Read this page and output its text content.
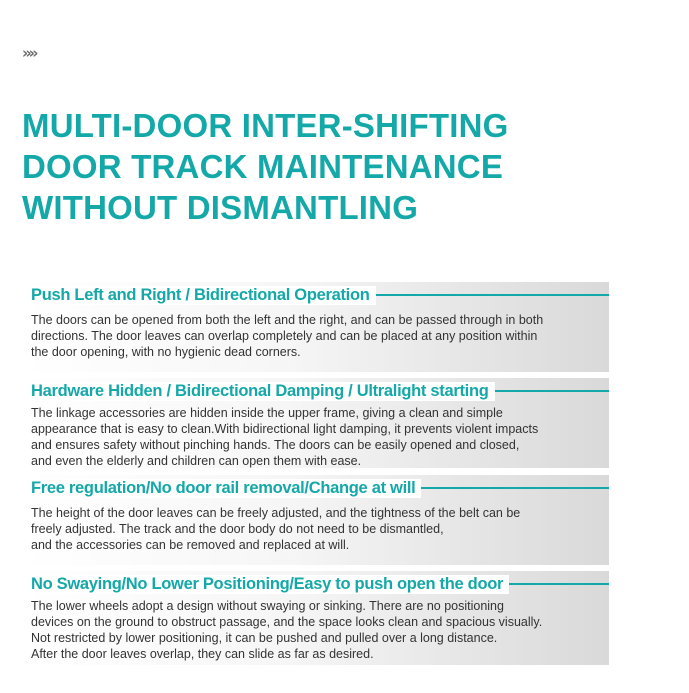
»»
MULTI-DOOR INTER-SHIFTING
DOOR TRACK MAINTENANCE
WITHOUT DISMANTLING
Push Left and Right / Bidirectional Operation
The doors can be opened from both the left and the right, and can be passed through in both
directions. The door leaves can overlap completely and can be placed at any position within
the door opening, with no hygienic dead corners.
Hardware Hidden / Bidirectional Damping / Ultralight starting
The linkage accessories are hidden inside the upper frame, giving a clean and simple
appearance that is easy to clean.With bidirectional light damping, it prevents violent impacts
and ensures safety without pinching hands. The doors can be easily opened and closed,
and even the elderly and children can open them with ease.
Free regulation/No door rail removal/Change at will
The height of the door leaves can be freely adjusted, and the tightness of the belt can be
freely adjusted. The track and the door body do not need to be dismantled,
and the accessories can be removed and replaced at will.
No Swaying/No Lower Positioning/Easy to push open the door
The lower wheels adopt a design without swaying or sinking. There are no positioning
devices on the ground to obstruct passage, and the space looks clean and spacious visually.
Not restricted by lower positioning, it can be pushed and pulled over a long distance.
After the door leaves overlap, they can slide as far as desired.
